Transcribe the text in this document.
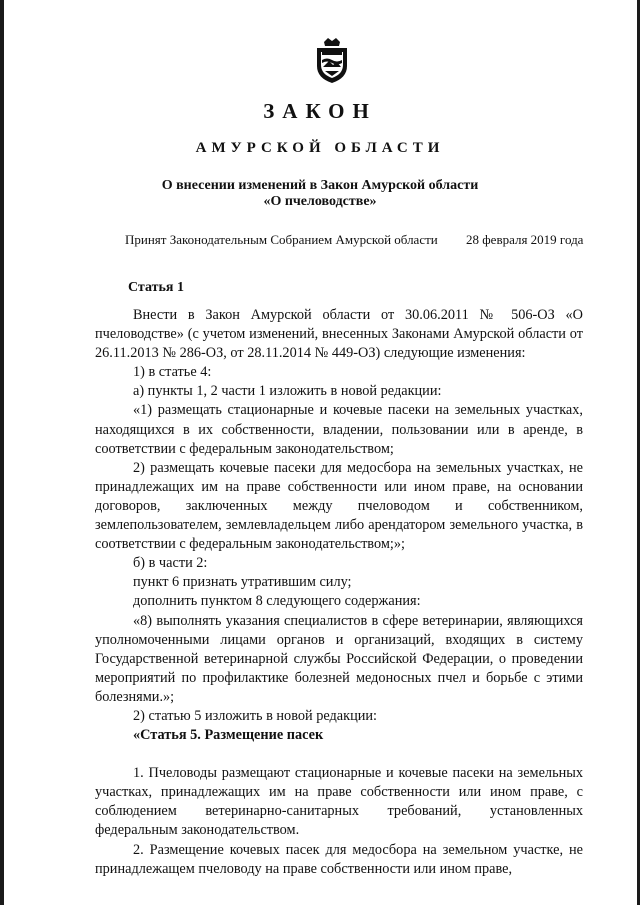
ЗАКОН
АМУРСКОЙ ОБЛАСТИ
О внесении изменений в Закон Амурской области
«О пчеловодстве»
Принят Законодательным Собранием Амурской области 28 февраля 2019 года
Статья 1

Внести в Закон Амурской области от 30.06.2011 № 506-ОЗ «О пчеловодстве» (с учетом изменений, внесенных Законами Амурской области от 26.11.2013 № 286-ОЗ, от 28.11.2014 № 449-ОЗ) следующие изменения:

1) в статье 4:

а) пункты 1, 2 части 1 изложить в новой редакции:

«1) размещать стационарные и кочевые пасеки на земельных участках, находящихся в их собственности, владении, пользовании или в аренде, в соответствии с федеральным законодательством;

2) размещать кочевые пасеки для медосбора на земельных участках, не принадлежащих им на праве собственности или ином праве, на основании договоров, заключенных между пчеловодом и собственником, землепользователем, землевладельцем либо арендатором земельного участка, в соответствии с федеральным законодательством;»;

б) в части 2:

пункт 6 признать утратившим силу;

дополнить пунктом 8 следующего содержания:

«8) выполнять указания специалистов в сфере ветеринарии, являющихся уполномоченными лицами органов и организаций, входящих в систему Государственной ветеринарной службы Российской Федерации, о проведении мероприятий по профилактике болезней медоносных пчел и борьбе с этими болезнями.»;

2) статью 5 изложить в новой редакции:

«Статья 5. Размещение пасек

1. Пчеловоды размещают стационарные и кочевые пасеки на земельных участках, принадлежащих им на праве собственности или ином праве, с соблюдением ветеринарно-санитарных требований, установленных федеральным законодательством.

2. Размещение кочевых пасек для медосбора на земельном участке, не принадлежащем пчеловоду на праве собственности или ином праве,
